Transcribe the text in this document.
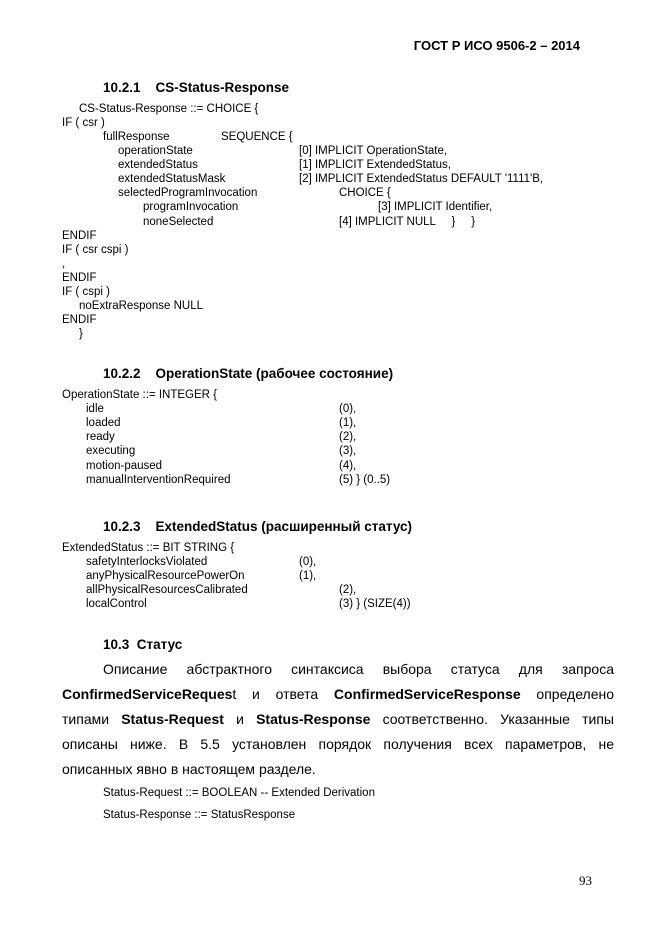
ГОСТ Р ИСО 9506-2 – 2014
10.2.1    CS-Status-Response
CS-Status-Response ::= CHOICE {
IF ( csr )
fullResponse	SEQUENCE {
operationState	[0] IMPLICIT OperationState,
extendedStatus	[1] IMPLICIT ExtendedStatus,
extendedStatusMask	[2] IMPLICIT ExtendedStatus DEFAULT '1111'B,
selectedProgramInvocation	CHOICE {
programInvocation	[3] IMPLICIT Identifier,
noneSelected	[4] IMPLICIT NULL     }     }
ENDIF
IF ( csr cspi )
,
ENDIF
IF ( cspi )
noExtraResponse NULL
ENDIF
}
10.2.2    OperationState (рабочее состояние)
OperationState ::= INTEGER {
idle	(0),
loaded	(1),
ready	(2),
executing	(3),
motion-paused	(4),
manualInterventionRequired	(5) } (0..5)
10.2.3    ExtendedStatus (расширенный статус)
ExtendedStatus ::= BIT STRING {
safetyInterlocksViolated	(0),
anyPhysicalResourcePowerOn	(1),
allPhysicalResourcesCalibrated	(2),
localControl	(3) } (SIZE(4))
10.3  Статус
Описание абстрактного синтаксиса выбора статуса для запроса
ConfirmedServiceRequest и ответа ConfirmedServiceResponse определено
типами Status-Request и Status-Response соответственно. Указанные типы
описаны ниже. В 5.5 установлен порядок получения всех параметров, не
описанных явно в настоящем разделе.
Status-Request ::= BOOLEAN -- Extended Derivation
Status-Response ::= StatusResponse
93
